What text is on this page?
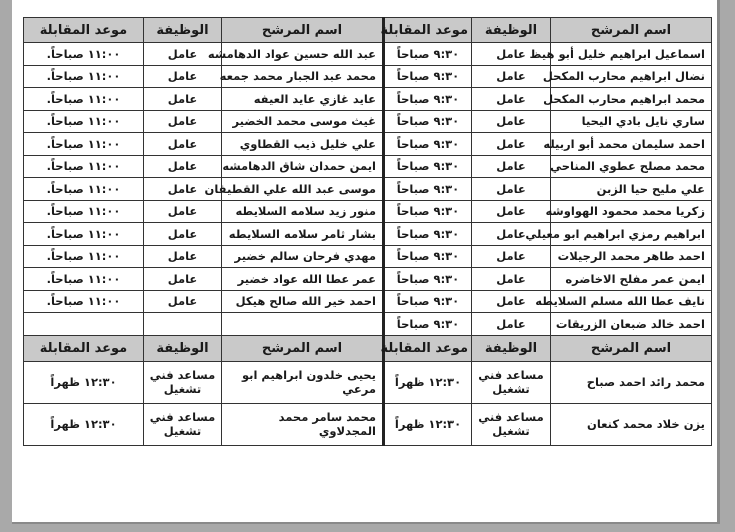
اسم المرشح	الوظيفة	موعد المقابلة	اسم المرشح	الوظيفة	موعد المقابلة
اسماعيل ابراهيم خليل أبو هيظ	عامل	٩:٣٠ صباحاً	عبد الله حسين عواد الدهامشه	عامل	١١:٠٠ صباحاً.
نضال ابراهيم محارب المكحل	عامل	٩:٣٠ صباحاً	محمد عبد الجبار محمد جمعه	عامل	١١:٠٠ صباحاً.
محمد ابراهيم محارب المكحل	عامل	٩:٣٠ صباحاً	عايد غازي عايد العيفه	عامل	١١:٠٠ صباحاً.
ساري نايل بادي اليحيا	عامل	٩:٣٠ صباحاً	غيث موسى محمد الخضير	عامل	١١:٠٠ صباحاً.
احمد سليمان محمد أبو اربيله	عامل	٩:٣٠ صباحاً	علي خليل ذيب القطاوي	عامل	١١:٠٠ صباحاً.
محمد مصلح عطوي المناحي	عامل	٩:٣٠ صباحاً	ايمن حمدان شاق الدهامشه	عامل	١١:٠٠ صباحاً.
علي مليح حيا الزبن	عامل	٩:٣٠ صباحاً	موسى عبد الله علي القطيفان	عامل	١١:٠٠ صباحاً.
زكريا محمد محمود الهواوشه	عامل	٩:٣٠ صباحاً	منور زيد سلامه السلايطه	عامل	١١:٠٠ صباحاً.
ابراهيم رمزي ابراهيم ابو معيلي	عامل	٩:٣٠ صباحاً	بشار ثامر سلامه السلايطه	عامل	١١:٠٠ صباحاً.
احمد طاهر محمد الرجيلات	عامل	٩:٣٠ صباحاً	مهدي فرحان سالم خضير	عامل	١١:٠٠ صباحاً.
ايمن عمر مفلح الاخاضره	عامل	٩:٣٠ صباحاً	عمر عطا الله عواد خضير	عامل	١١:٠٠ صباحاً.
نايف عطا الله مسلم السلايطه	عامل	٩:٣٠ صباحاً	احمد خير الله صالح هيكل	عامل	١١:٠٠ صباحاً.
احمد خالد ضبعان الزريقات	عامل	٩:٣٠ صباحاً			
اسم المرشح	الوظيفة	موعد المقابلة	اسم المرشح	الوظيفة	موعد المقابلة
محمد رائد احمد صباح	مساعد فني تشغيل	١٢:٣٠ ظهراً	يحيى خلدون ابراهيم ابو مرعي	مساعد فني تشغيل	١٢:٣٠ ظهراً
يزن خلاد محمد كنعان	مساعد فني تشغيل	١٢:٣٠ ظهراً	محمد سامر محمد المجدلاوي	مساعد فني تشغيل	١٢:٣٠ ظهراً
